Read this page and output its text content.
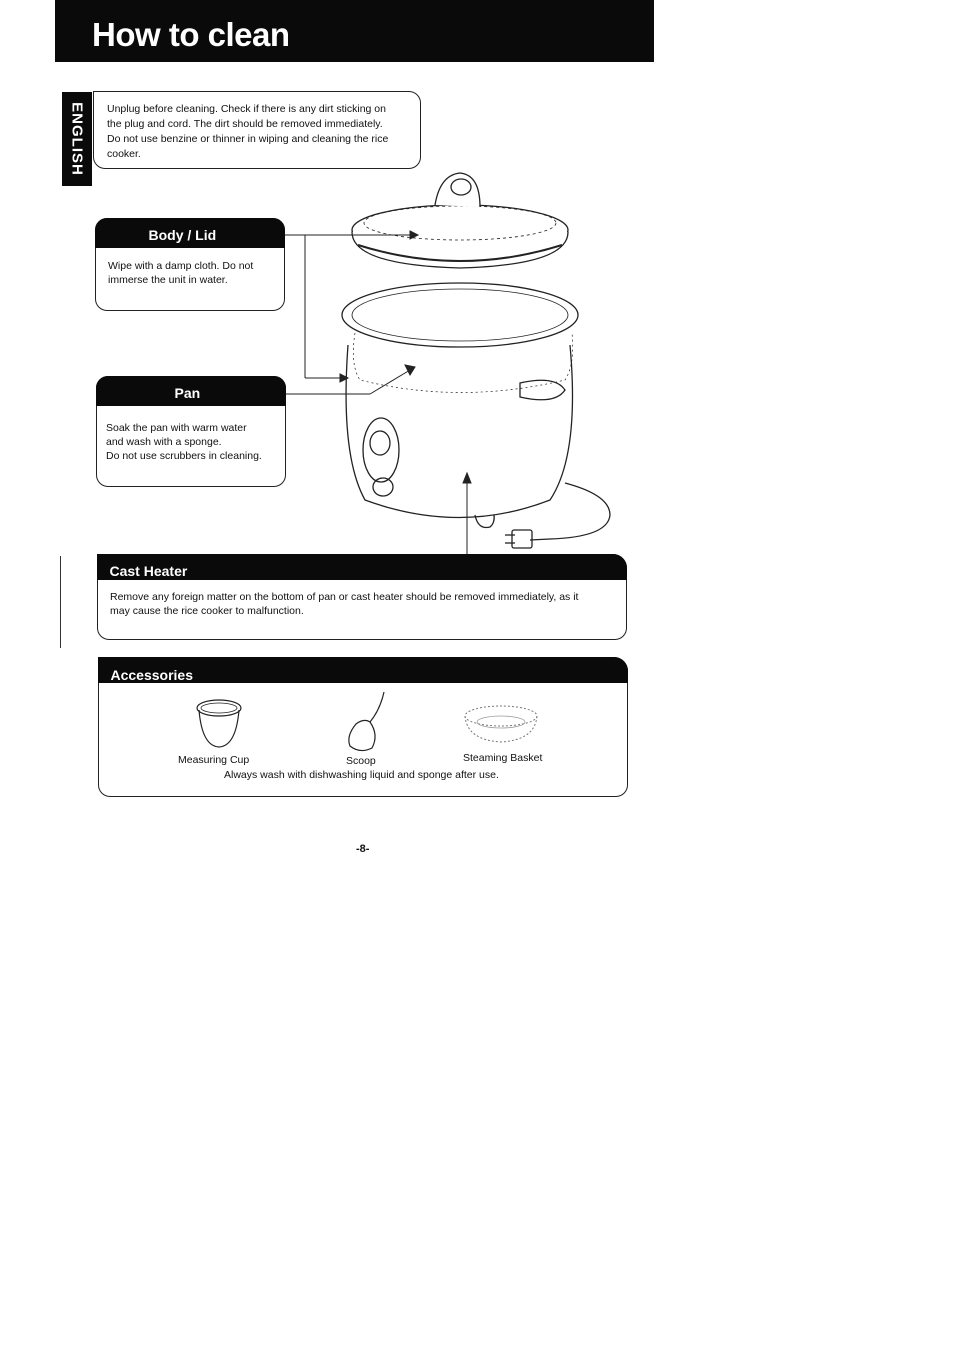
How to clean
ENGLISH Unplug before cleaning. Check if there is any dirt sticking on
the plug and cord. The dirt should be removed immediately.
Do not use benzine or thinner in wiping and cleaning the rice
cooker.
Body / Lid
Wipe with a damp cloth. Do not
immerse the unit in water.
Pan
Soak the pan with warm water
and wash with a sponge.
Do not use scrubbers in cleaning.
Cast Heater
Remove any foreign matter on the bottom of pan or cast heater should be removed immediately, as it
may cause the rice cooker to malfunction.
Accessories
Measuring Cup	Scoop	Steaming Basket
Always wash with dishwashing liquid and sponge after use.
-8-
